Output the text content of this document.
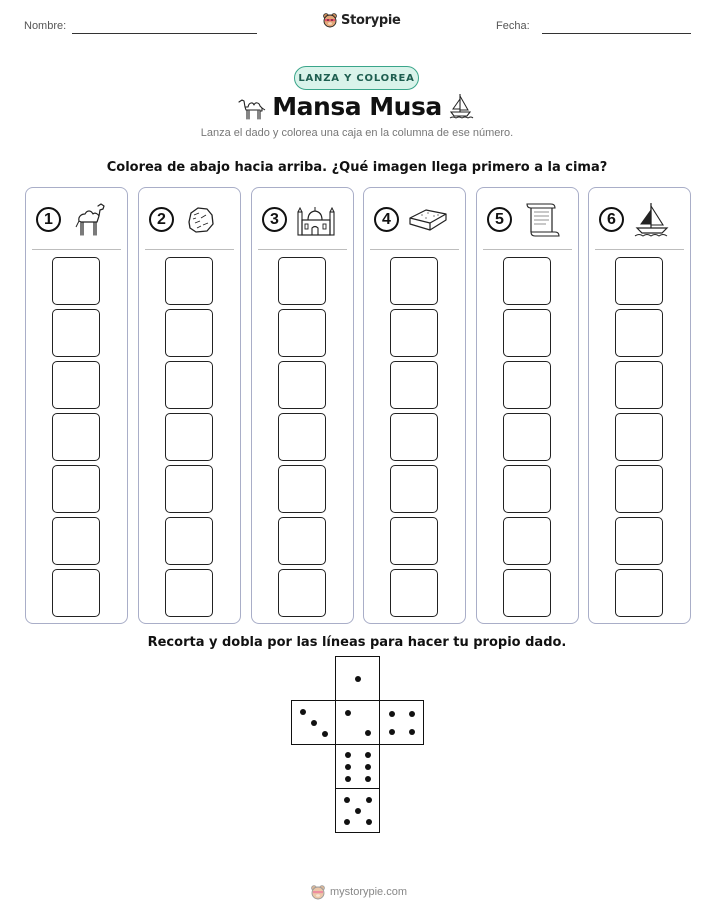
Nombre:	Storypie	Fecha:
LANZA Y COLOREA
Mansa Musa
Lanza el dado y colorea una caja en la columna de ese número.
Colorea de abajo hacia arriba. ¿Qué imagen llega primero a la cima?
1	2	3	4	5	6
Recorta y dobla por las líneas para hacer tu propio dado.
mystorypie.com
